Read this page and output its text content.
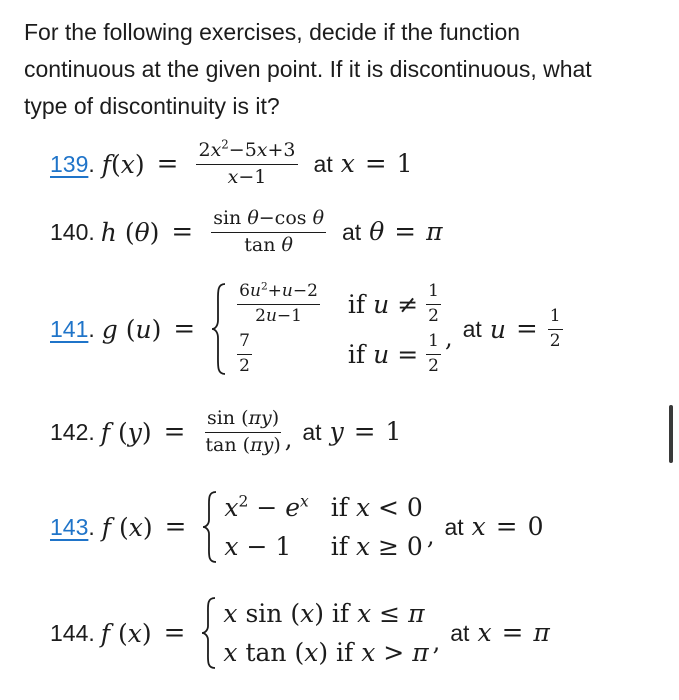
For the following exercises, decide if the function continuous at the given point. If it is discontinuous, what type of discontinuity is it?
139 . $f(x) = \frac{2x^2-5x+3}{x-1}$ at x = 1
140. h $(\theta) = \frac{\text{sin θ−cos θ}}{\text{tan θ}}$ at θ = π
141 . g (u) =
$\frac{6u^2+u-2}{2u-1}$ if
$u \ne \frac{1}{2}$
$\frac{7}{2}$	if
$u = \frac{1}{2}$ , at $u = \frac{1}{2}$
142. f $(y) = \frac{\sin (\pi y)}{\tan (\pi y)}$ , at y = 1
143 . f (x) =
$x^2 - e^x$ if x < 0
x − 1	if x ≥ 0 , at x = 0
144. f (x) =
x sin (x) if x ≤ π
x tan (x) if x > π , at x = π
